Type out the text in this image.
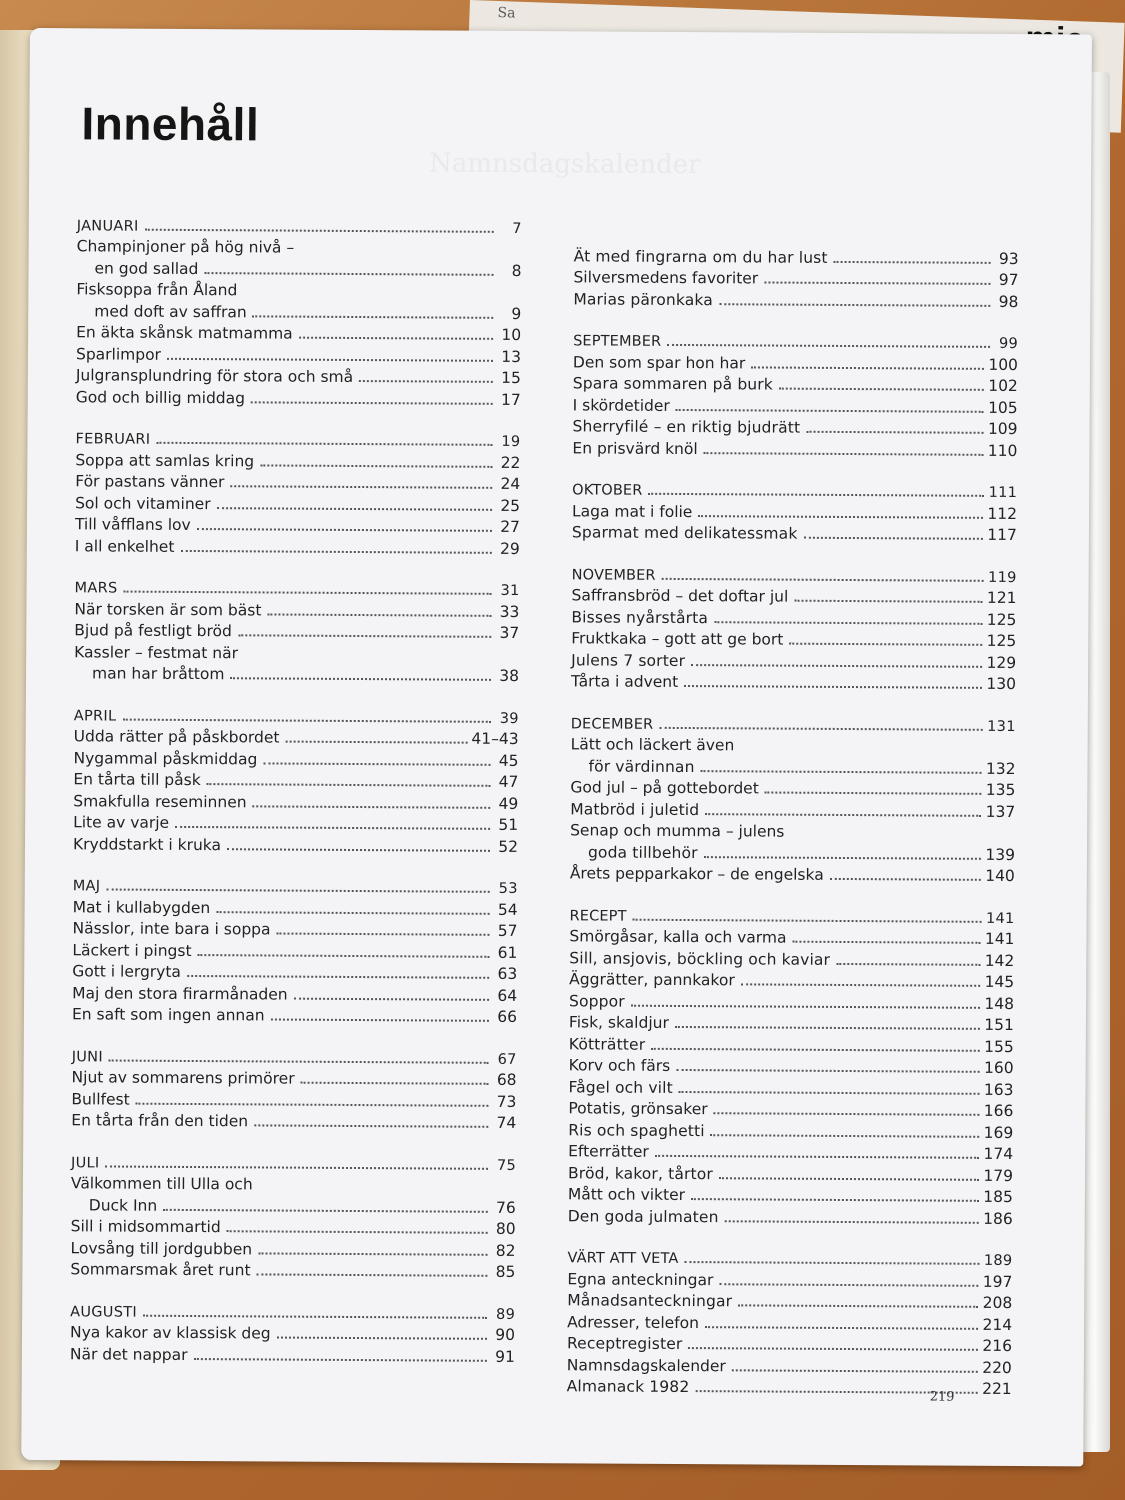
Sa
Namnsdagskalender
Innehåll
JANUARI	7
Champinjoner på hög nivå –
en god sallad	8
Fisksoppa från Åland
med doft av saffran	9
En äkta skånsk matmamma	10
Sparlimpor	13
Julgransplundring för stora och små	15
God och billig middag	17
FEBRUARI	19
Soppa att samlas kring	22
För pastans vänner	24
Sol och vitaminer	25
Till våfflans lov	27
I all enkelhet	29
MARS	31
När torsken är som bäst	33
Bjud på festligt bröd	37
Kassler – festmat när
man har bråttom	38
APRIL	39
Udda rätter på påskbordet	41–43
Nygammal påskmiddag	45
En tårta till påsk	47
Smakfulla reseminnen	49
Lite av varje	51
Kryddstarkt i kruka	52
MAJ	53
Mat i kullabygden	54
Nässlor, inte bara i soppa	57
Läckert i pingst	61
Gott i lergryta	63
Maj den stora firarmånaden	64
En saft som ingen annan	66
JUNI	67
Njut av sommarens primörer	68
Bullfest	73
En tårta från den tiden	74
JULI	75
Välkommen till Ulla och
Duck Inn	76
Sill i midsommartid	80
Lovsång till jordgubben	82
Sommarsmak året runt	85
AUGUSTI	89
Nya kakor av klassisk deg	90
När det nappar	91
Ät med fingrarna om du har lust	93
Silversmedens favoriter	97
Marias päronkaka	98
SEPTEMBER	99
Den som spar hon har	100
Spara sommaren på burk	102
I skördetider	105
Sherryfilé – en riktig bjudrätt	109
En prisvärd knöl	110
OKTOBER	111
Laga mat i folie	112
Sparmat med delikatessmak	117
NOVEMBER	119
Saffransbröd – det doftar jul	121
Bisses nyårstårta	125
Fruktkaka – gott att ge bort	125
Julens 7 sorter	129
Tårta i advent	130
DECEMBER	131
Lätt och läckert även
för värdinnan	132
God jul – på gottebordet	135
Matbröd i juletid	137
Senap och mumma – julens
goda tillbehör	139
Årets pepparkakor – de engelska	140
RECEPT	141
Smörgåsar, kalla och varma	141
Sill, ansjovis, böckling och kaviar	142
Äggrätter, pannkakor	145
Soppor	148
Fisk, skaldjur	151
Kötträtter	155
Korv och färs	160
Fågel och vilt	163
Potatis, grönsaker	166
Ris och spaghetti	169
Efterrätter	174
Bröd, kakor, tårtor	179
Mått och vikter	185
Den goda julmaten	186
VÄRT ATT VETA	189
Egna anteckningar	197
Månadsanteckningar	208
Adresser, telefon	214
Receptregister	216
Namnsdagskalender	220
Almanack 1982	221
219
